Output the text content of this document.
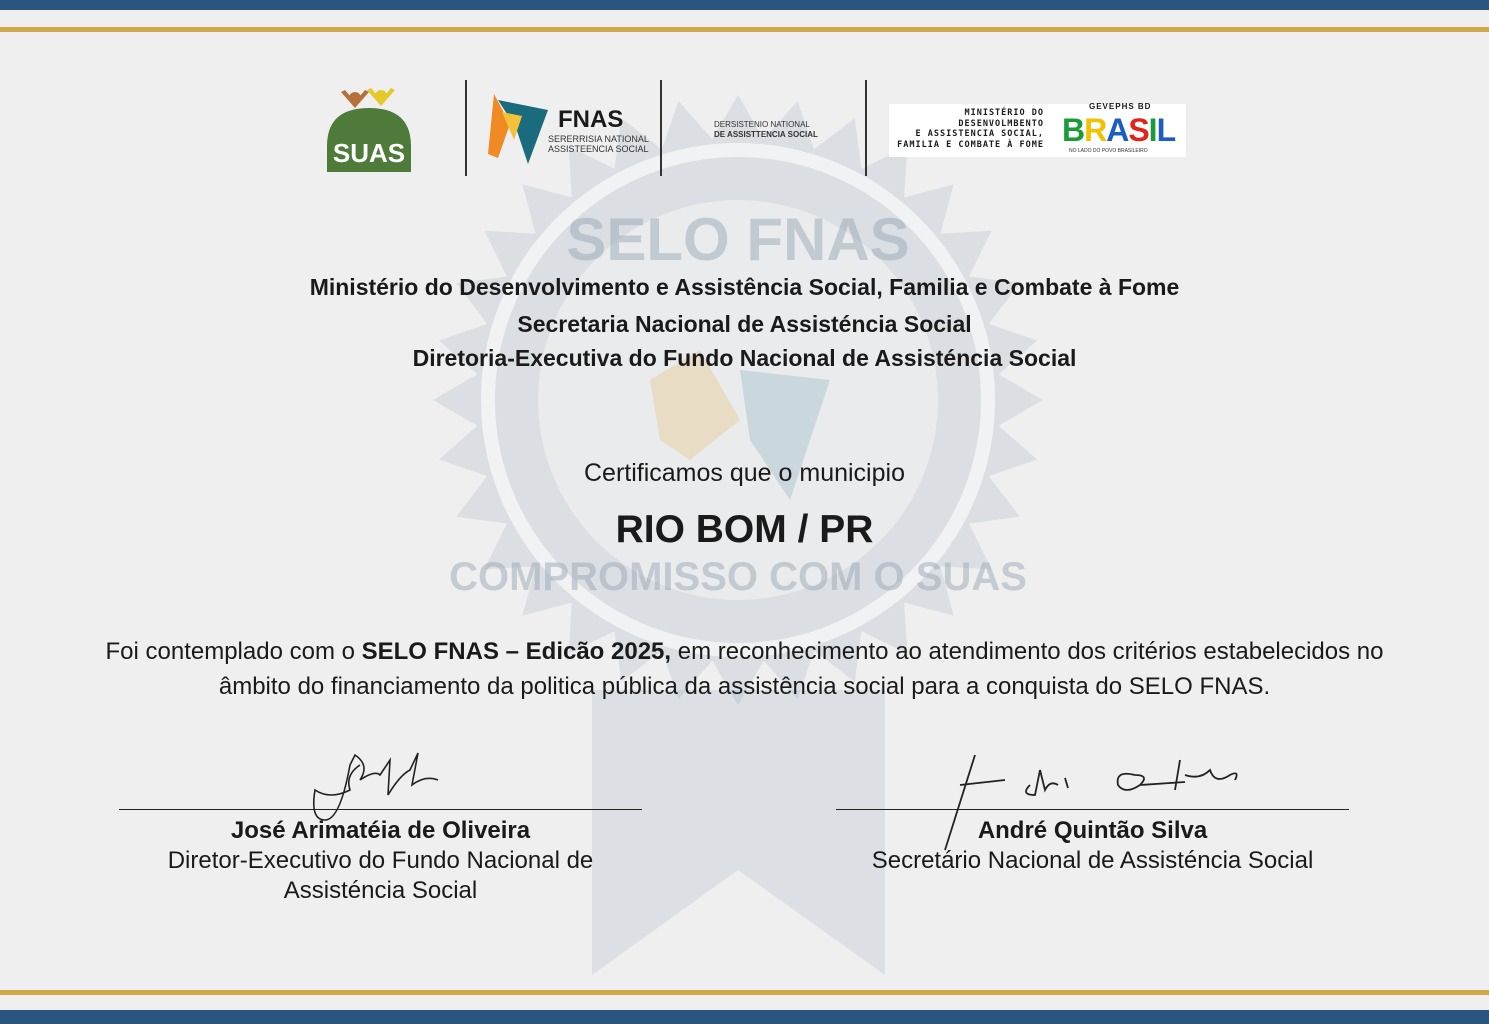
SELO FNAS
COMPROMISSO COM O SUAS
SUAS
FNAS
SERERRISIA NATIONAL
ASSISTEENCIA SOCIAL
DERSISTENIO NATIONAL
DE ASSISTTENCIA SOCIAL
MINISTÉRIO DO
DESENVOLMBENTO
E ASSISTENCIA SOCIAL,
FAMILIA E COMBATE À FOME
GEVEPHS BD
BRASIL
NO LADO DO POVO BRASILEIRO
Ministério do Desenvolvimento e Assistência Social, Familia e Combate à Fome
Secretaria Nacional de Assisténcia Social
Diretoria-Executiva do Fundo Nacional de Assisténcia Social
Certificamos que o municipio
RIO BOM / PR
Foi contemplado com o SELO FNAS – Edicão 2025, em reconhecimento ao atendimento dos critérios estabelecidos no
âmbito do financiamento da politica pública da assistência social para a conquista do SELO FNAS.
José Arimatéia de Oliveira
Diretor-Executivo do Fundo Nacional de
Assisténcia Social
André Quintão Silva
Secretário Nacional de Assisténcia Social
